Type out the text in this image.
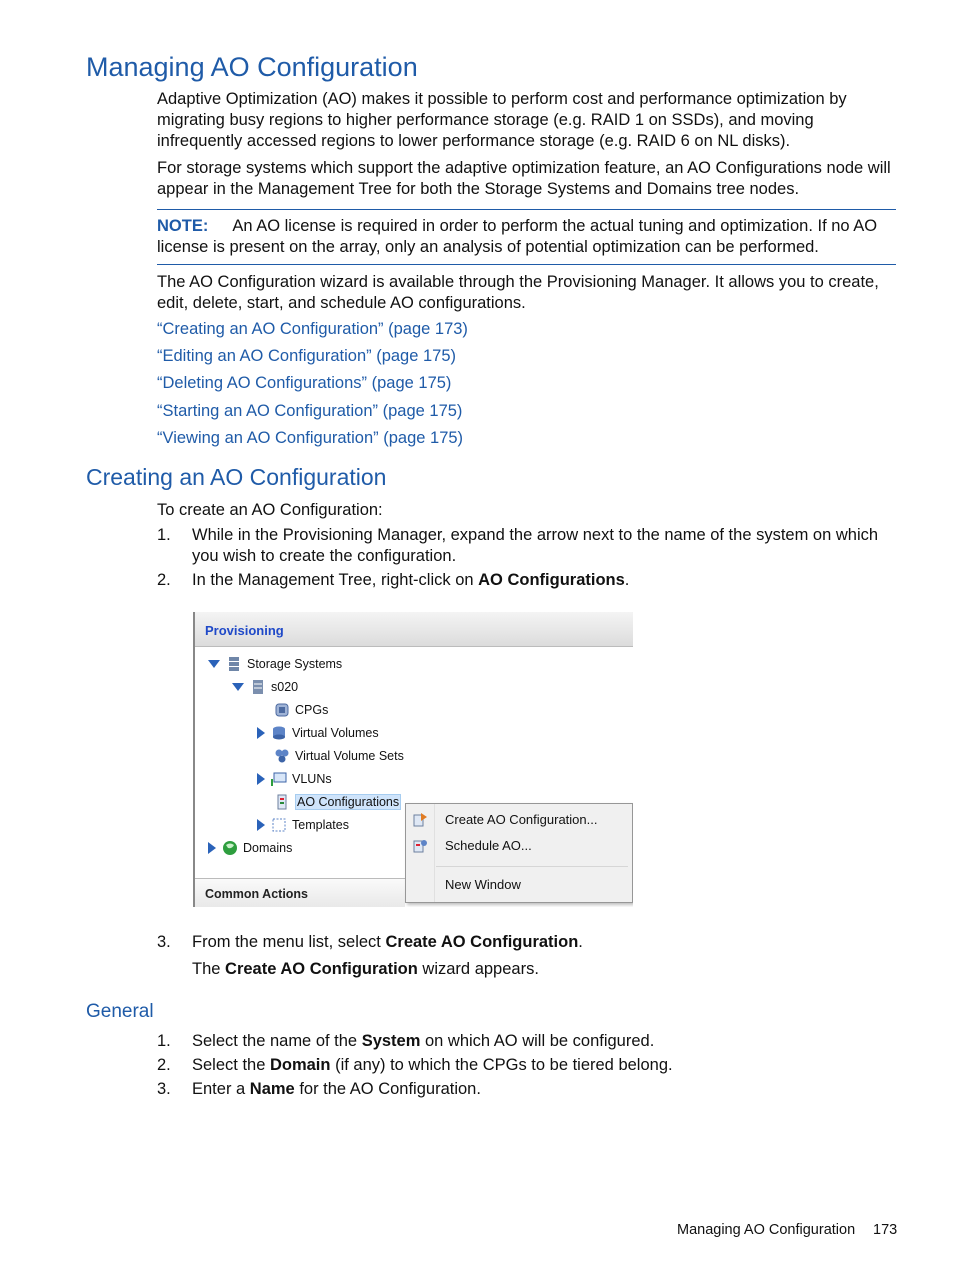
Managing AO Configuration

Adaptive Optimization (AO) makes it possible to perform cost and performance optimization by migrating busy regions to higher performance storage (e.g. RAID 1 on SSDs), and moving infrequently accessed regions to lower performance storage (e.g. RAID 6 on NL disks).

For storage systems which support the adaptive optimization feature, an AO Configurations node will appear in the Management Tree for both the Storage Systems and Domains tree nodes.

NOTE: An AO license is required in order to perform the actual tuning and optimization. If no AO license is present on the array, only an analysis of potential optimization can be performed.

The AO Configuration wizard is available through the Provisioning Manager. It allows you to create, edit, delete, start, and schedule AO configurations.

“Creating an AO Configuration” (page 173)
“Editing an AO Configuration” (page 175)
“Deleting AO Configurations” (page 175)
“Starting an AO Configuration” (page 175)
“Viewing an AO Configuration” (page 175)
Creating an AO Configuration

To create an AO Configuration:

1. While in the Provisioning Manager, expand the arrow next to the name of the system on which you wish to create the configuration.
2. In the Management Tree, right-click on AO Configurations.
Provisioning
Storage Systems
s020
CPGs
Virtual Volumes
Virtual Volume Sets
VLUNs
AO Configurations
Templates
Domains
Common Actions
Create AO Configuration...
Schedule AO...
New Window
3. From the menu list, select Create AO Configuration.
The Create AO Configuration wizard appears.
General
1. Select the name of the System on which AO will be configured.
2. Select the Domain (if any) to which the CPGs to be tiered belong.
3. Enter a Name for the AO Configuration.
Managing AO Configuration 173
